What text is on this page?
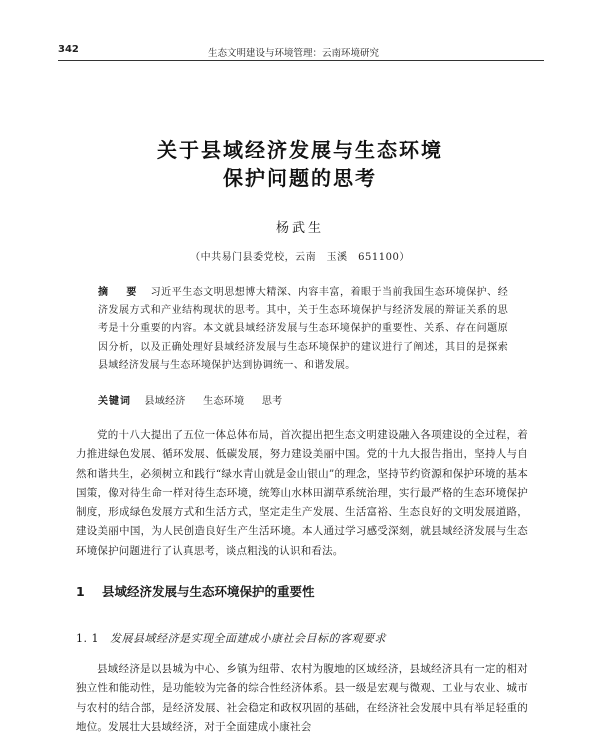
342	生态文明建设与环境管理：云南环境研究
关于县域经济发展与生态环境
保护问题的思考
杨武生
（中共易门县委党校，云南　玉溪　651100）
摘　要 习近平生态文明思想博大精深、内容丰富，着眼于当前我国生态环境保护、经济发展方式和产业结构现状的思考。其中，关于生态环境保护与经济发展的辩证关系的思考是十分重要的内容。本文就县域经济发展与生态环境保护的重要性、关系、存在问题原因分析，以及正确处理好县域经济发展与生态环境保护的建议进行了阐述，其目的是探索县域经济发展与生态环境保护达到协调统一、和谐发展。
关键词 县域经济 生态环境 思考

党的十八大提出了五位一体总体布局，首次提出把生态文明建设融入各项建设的全过程，着力推进绿色发展、循环发展、低碳发展，努力建设美丽中国。党的十九大报告指出，坚持人与自然和谐共生，必须树立和践行“绿水青山就是金山银山”的理念，坚持节约资源和保护环境的基本国策，像对待生命一样对待生态环境，统筹山水林田湖草系统治理，实行最严格的生态环境保护制度，形成绿色发展方式和生活方式，坚定走生产发展、生活富裕、生态良好的文明发展道路，建设美丽中国，为人民创造良好生产生活环境。本人通过学习感受深刻，就县域经济发展与生态环境保护问题进行了认真思考，谈点粗浅的认识和看法。

1 县域经济发展与生态环境保护的重要性
1. 1 发展县域经济是实现全面建成小康社会目标的客观要求

县域经济是以县城为中心、乡镇为纽带、农村为腹地的区域经济，县域经济具有一定的相对独立性和能动性，是功能较为完备的综合性经济体系。县一级是宏观与微观、工业与农业、城市与农村的结合部，是经济发展、社会稳定和政权巩固的基础，在经济社会发展中具有举足轻重的地位。发展壮大县域经济，对于全面建成小康社会
